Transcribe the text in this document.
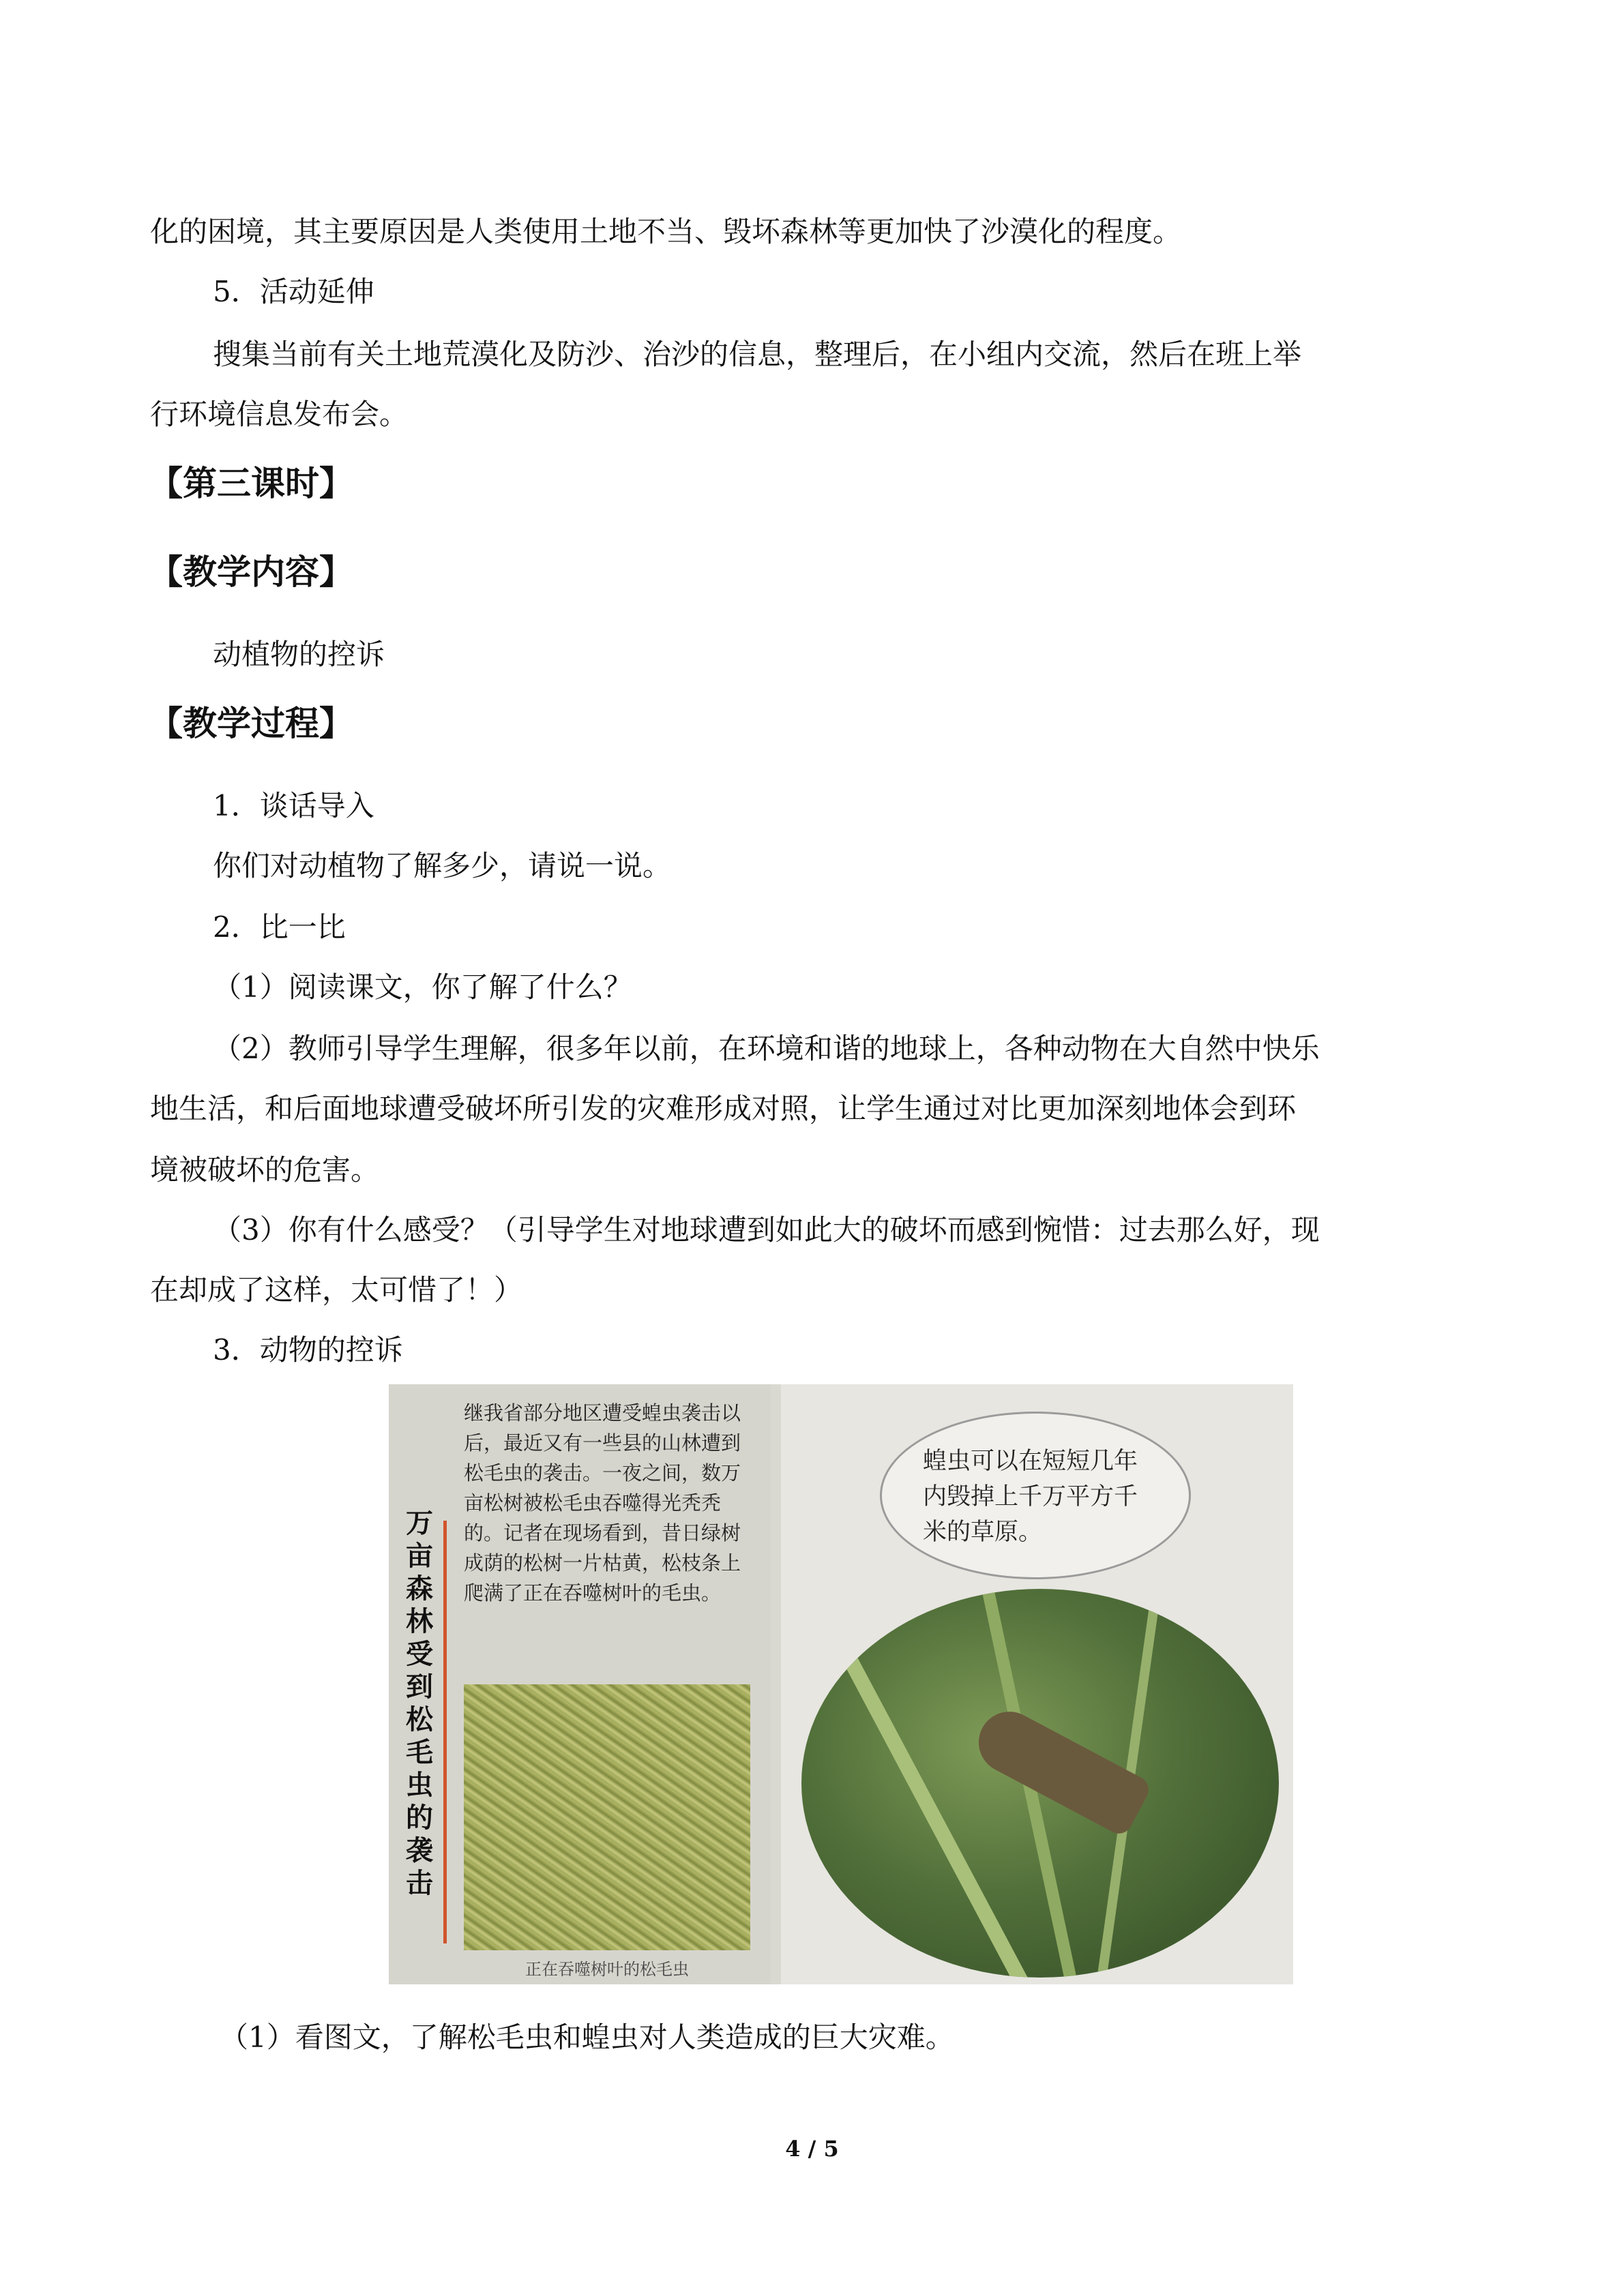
化的困境，其主要原因是人类使用土地不当、毁坏森林等更加快了沙漠化的程度。
5．活动延伸
搜集当前有关土地荒漠化及防沙、治沙的信息，整理后，在小组内交流，然后在班上举
行环境信息发布会。
【第三课时】
【教学内容】
动植物的控诉
【教学过程】
1．谈话导入
你们对动植物了解多少，请说一说。
2．比一比
（1）阅读课文，你了解了什么？
（2）教师引导学生理解，很多年以前，在环境和谐的地球上，各种动物在大自然中快乐
地生活，和后面地球遭受破坏所引发的灾难形成对照，让学生通过对比更加深刻地体会到环
境被破坏的危害。
（3）你有什么感受？（引导学生对地球遭到如此大的破坏而感到惋惜：过去那么好，现
在却成了这样，太可惜了！）
3．动物的控诉
万亩森林受到松毛虫的袭击
继我省部分地区遭受蝗虫袭击以后，最近又有一些县的山林遭到松毛虫的袭击。一夜之间，数万亩松树被松毛虫吞噬得光秃秃的。记者在现场看到，昔日绿树成荫的松树一片枯黄，松枝条上爬满了正在吞噬树叶的毛虫。
正在吞噬树叶的松毛虫
蝗虫可以在短短几年内毁掉上千万平方千米的草原。
（1）看图文，了解松毛虫和蝗虫对人类造成的巨大灾难。
4 / 5
